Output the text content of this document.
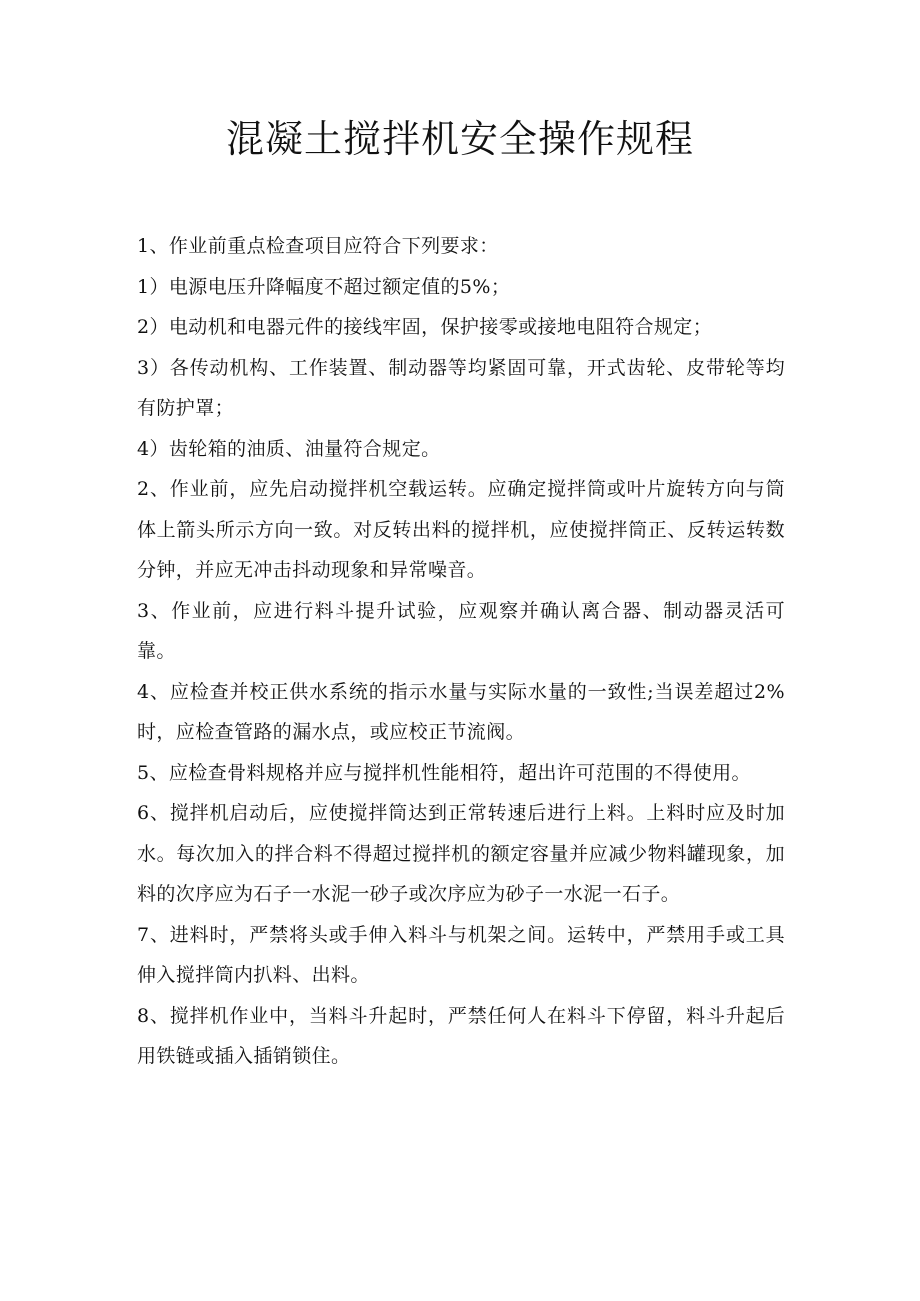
混凝土搅拌机安全操作规程

1、作业前重点检查项目应符合下列要求：

1）电源电压升降幅度不超过额定值的5%；

2）电动机和电器元件的接线牢固，保护接零或接地电阻符合规定；

3）各传动机构、工作装置、制动器等均紧固可靠，开式齿轮、皮带轮等均有防护罩；

4）齿轮箱的油质、油量符合规定。

2、作业前，应先启动搅拌机空载运转。应确定搅拌筒或叶片旋转方向与筒体上箭头所示方向一致。对反转出料的搅拌机，应使搅拌筒正、反转运转数分钟，并应无冲击抖动现象和异常噪音。

3、作业前，应进行料斗提升试验，应观察并确认离合器、制动器灵活可靠。

4、应检查并校正供水系统的指示水量与实际水量的一致性;当误差超过2%时，应检查管路的漏水点，或应校正节流阀。

5、应检查骨料规格并应与搅拌机性能相符，超出许可范围的不得使用。

6、搅拌机启动后，应使搅拌筒达到正常转速后进行上料。上料时应及时加水。每次加入的拌合料不得超过搅拌机的额定容量并应减少物料罐现象，加料的次序应为石子一水泥一砂子或次序应为砂子一水泥一石子。

7、进料时，严禁将头或手伸入料斗与机架之间。运转中，严禁用手或工具伸入搅拌筒内扒料、出料。

8、搅拌机作业中，当料斗升起时，严禁任何人在料斗下停留，料斗升起后用铁链或插入插销锁住。
